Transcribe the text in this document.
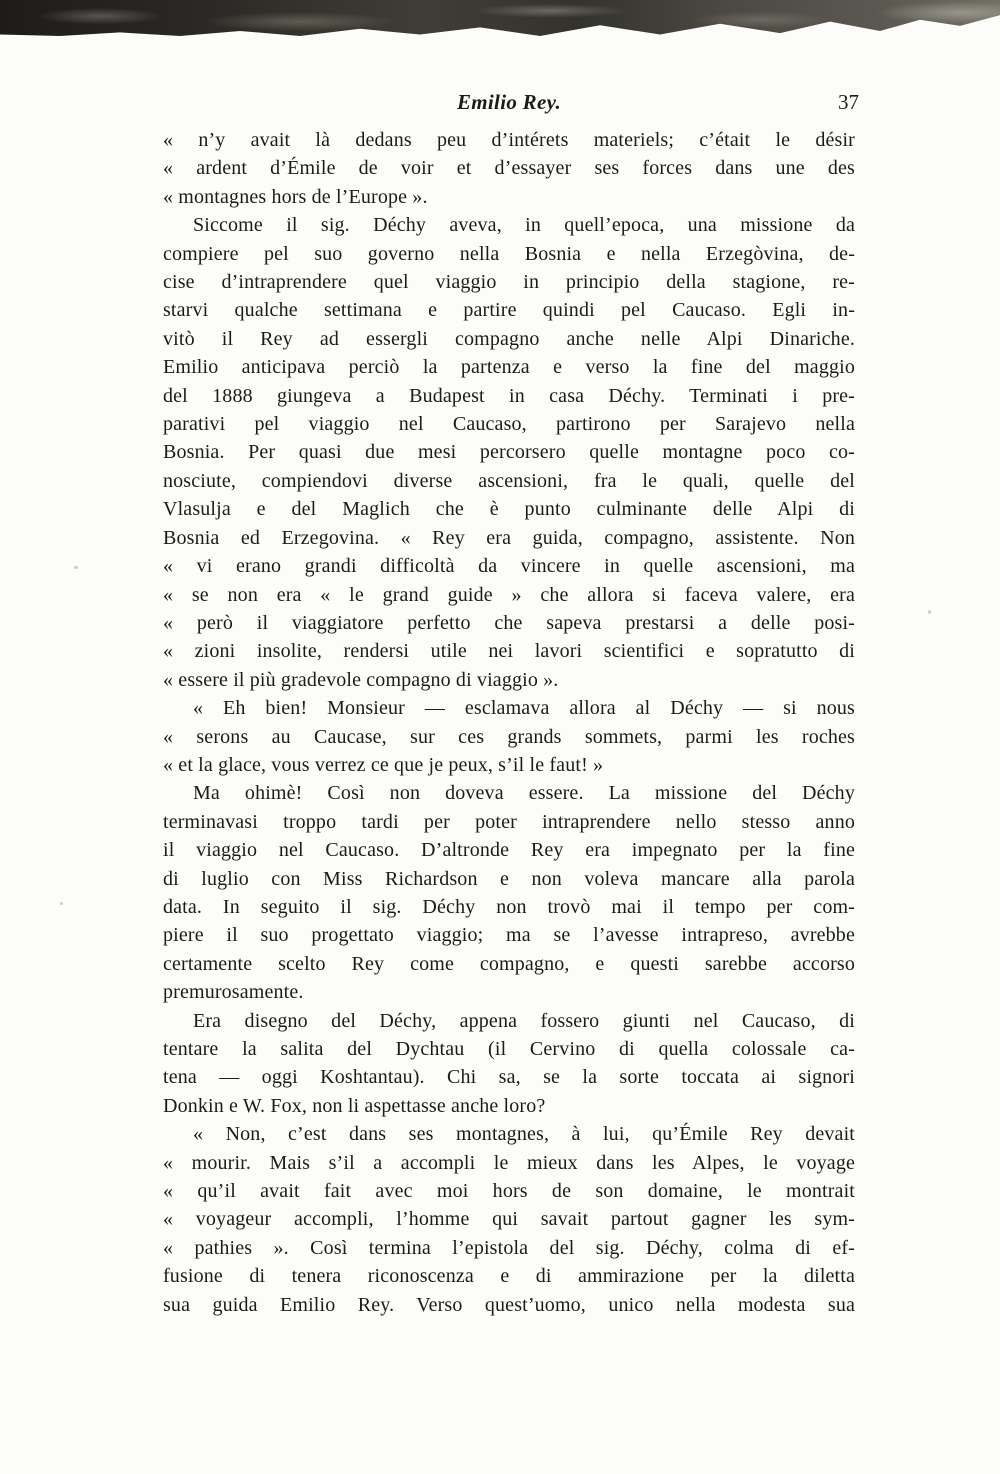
Emilio Rey.	37
« n’y avait là dedans peu d’intérets materiels; c’était le désir
« ardent d’Émile de voir et d’essayer ses forces dans une des
« montagnes hors de l’Europe ».
Siccome il sig. Déchy aveva, in quell’epoca, una missione da
compiere pel suo governo nella Bosnia e nella Erzegòvina, de-
cise d’intraprendere quel viaggio in principio della stagione, re-
starvi qualche settimana e partire quindi pel Caucaso. Egli in-
vitò il Rey ad essergli compagno anche nelle Alpi Dinariche.
Emilio anticipava perciò la partenza e verso la fine del maggio
del 1888 giungeva a Budapest in casa Déchy. Terminati i pre-
parativi pel viaggio nel Caucaso, partirono per Sarajevo nella
Bosnia. Per quasi due mesi percorsero quelle montagne poco co-
nosciute, compiendovi diverse ascensioni, fra le quali, quelle del
Vlasulja e del Maglich che è punto culminante delle Alpi di
Bosnia ed Erzegovina. « Rey era guida, compagno, assistente. Non
« vi erano grandi difficoltà da vincere in quelle ascensioni, ma
« se non era « le grand guide » che allora si faceva valere, era
« però il viaggiatore perfetto che sapeva prestarsi a delle posi-
« zioni insolite, rendersi utile nei lavori scientifici e sopratutto di
« essere il più gradevole compagno di viaggio ».
« Eh bien! Monsieur — esclamava allora al Déchy — si nous
« serons au Caucase, sur ces grands sommets, parmi les roches
« et la glace, vous verrez ce que je peux, s’il le faut! »
Ma ohimè! Così non doveva essere. La missione del Déchy
terminavasi troppo tardi per poter intraprendere nello stesso anno
il viaggio nel Caucaso. D’altronde Rey era impegnato per la fine
di luglio con Miss Richardson e non voleva mancare alla parola
data. In seguito il sig. Déchy non trovò mai il tempo per com-
piere il suo progettato viaggio; ma se l’avesse intrapreso, avrebbe
certamente scelto Rey come compagno, e questi sarebbe accorso
premurosamente.
Era disegno del Déchy, appena fossero giunti nel Caucaso, di
tentare la salita del Dychtau (il Cervino di quella colossale ca-
tena — oggi Koshtantau). Chi sa, se la sorte toccata ai signori
Donkin e W. Fox, non li aspettasse anche loro?
« Non, c’est dans ses montagnes, à lui, qu’Émile Rey devait
« mourir. Mais s’il a accompli le mieux dans les Alpes, le voyage
« qu’il avait fait avec moi hors de son domaine, le montrait
« voyageur accompli, l’homme qui savait partout gagner les sym-
« pathies ». Così termina l’epistola del sig. Déchy, colma di ef-
fusione di tenera riconoscenza e di ammirazione per la diletta
sua guida Emilio Rey. Verso quest’uomo, unico nella modesta sua
